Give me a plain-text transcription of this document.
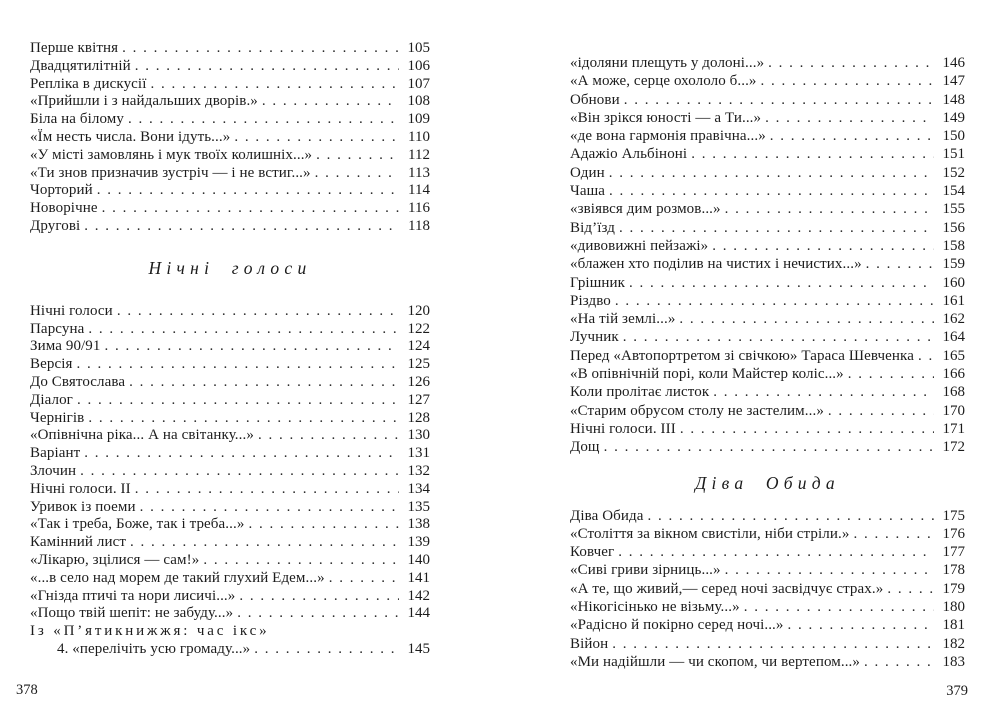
Перше квітня . . .	105
Двадцятилітній . . .	106
Репліка в дискусії . . .	107
«Прийшли і з найдальших дворів.» . . .	108
Біла на білому . . .	109
«Їм несть числа. Вони ідуть...» . . .	110
«У місті замовлянь і мук твоїх колишніх...» . . .	112
«Ти знов призначив зустріч — і не встиг...» . . .	113
Чорторий . . .	114
Новорічне . . .	116
Другові . . .	118
Нічні голоси
Нічні голоси . . .	120
Парсуна . . .	122
Зима 90/91 . . .	124
Версія . . .	125
До Святослава . . .	126
Діалог . . .	127
Чернігів . . .	128
«Опівнічна ріка... А на світанку...» . . .	130
Варіант . . .	131
Злочин . . .	132
Нічні голоси. II . . .	134
Уривок із поеми . . .	135
«Так і треба, Боже, так і треба...» . . .	138
Камінний лист . . .	139
«Лікарю, зцілися — сам!» . . .	140
«...в село над морем де такий глухий Едем...» . . .	141
«Гнізда птичі та нори лисичі...» . . .	142
«Пощо твій шепіт: не забуду...» . . .	144
Із «П’ятикнижжя: час ікс»
4. «перелічіть усю громаду...» . . .	145
«ідоляни плещуть у долоні...» . . .	146
«А може, серце охололо б...» . . .	147
Обнови . . .	148
«Він зрікся юності — а Ти...» . . .	149
«де вона гармонія правічна...» . . .	150
Адажіо Альбіноні . . .	151
Один . . .	152
Чаша . . .	154
«звіявся дим розмов...» . . .	155
Від’їзд . . .	156
«дивовижні пейзажі» . . .	158
«блажен хто поділив на чистих і нечистих...» . . .	159
Грішник . . .	160
Різдво . . .	161
«На тій землі...» . . .	162
Лучник . . .	164
Перед «Автопортретом зі свічкою» Тараса Шевченка . . .	165
«В опівнічній порі, коли Майстер коліс...» . . .	166
Коли пролітає листок . . .	168
«Старим обрусом столу не застелим...» . . .	170
Нічні голоси. III . . .	171
Дощ . . .	172
Діва Обида
Діва Обида . . .	175
«Століття за вікном свистіли, ніби стріли.» . . .	176
Ковчег . . .	177
«Сиві гриви зірниць...» . . .	178
«А те, що живий,— серед ночі засвідчує страх.» . . .	179
«Нікогісінько не візьму...» . . .	180
«Радісно й покірно серед ночі...» . . .	181
Війон . . .	182
«Ми надійшли — чи скопом, чи вертепом...» . . .	183
378	379
